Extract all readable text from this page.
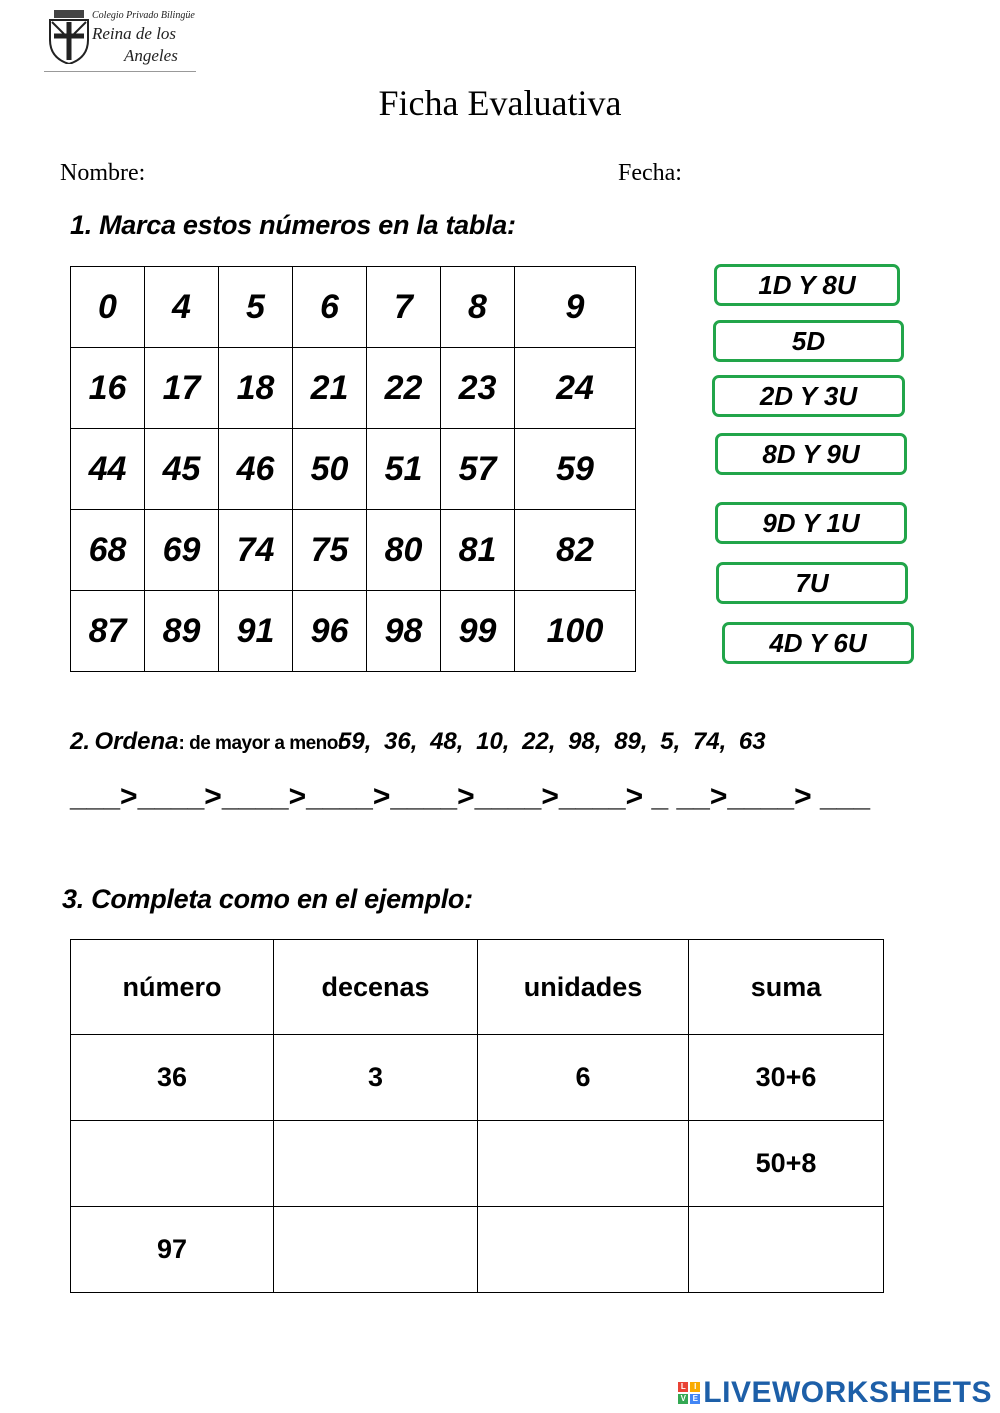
Colegio Privado Bilingüe
Reina de los
Angeles
Ficha Evaluativa
Nombre:	Fecha:
1. Marca estos números en la tabla:
0	4	5	6	7	8	9
16	17	18	21	22	23	24
44	45	46	50	51	57	59
68	69	74	75	80	81	82
87	89	91	96	98	99	100
1D Y 8U
5D
2D Y 3U
8D Y 9U
9D Y 1U
7U
4D Y 6U
2. Ordena: de mayor a menor
59, 36, 48, 10, 22, 98, 89, 5, 74, 63
___>____>____>____>____>____>____> _ __>____> ___
3. Completa como en el ejemplo:
número	decenas	unidades	suma
36	3	6	30+6
			50+8
97			
L	I
V E LIVEWORKSHEETS
